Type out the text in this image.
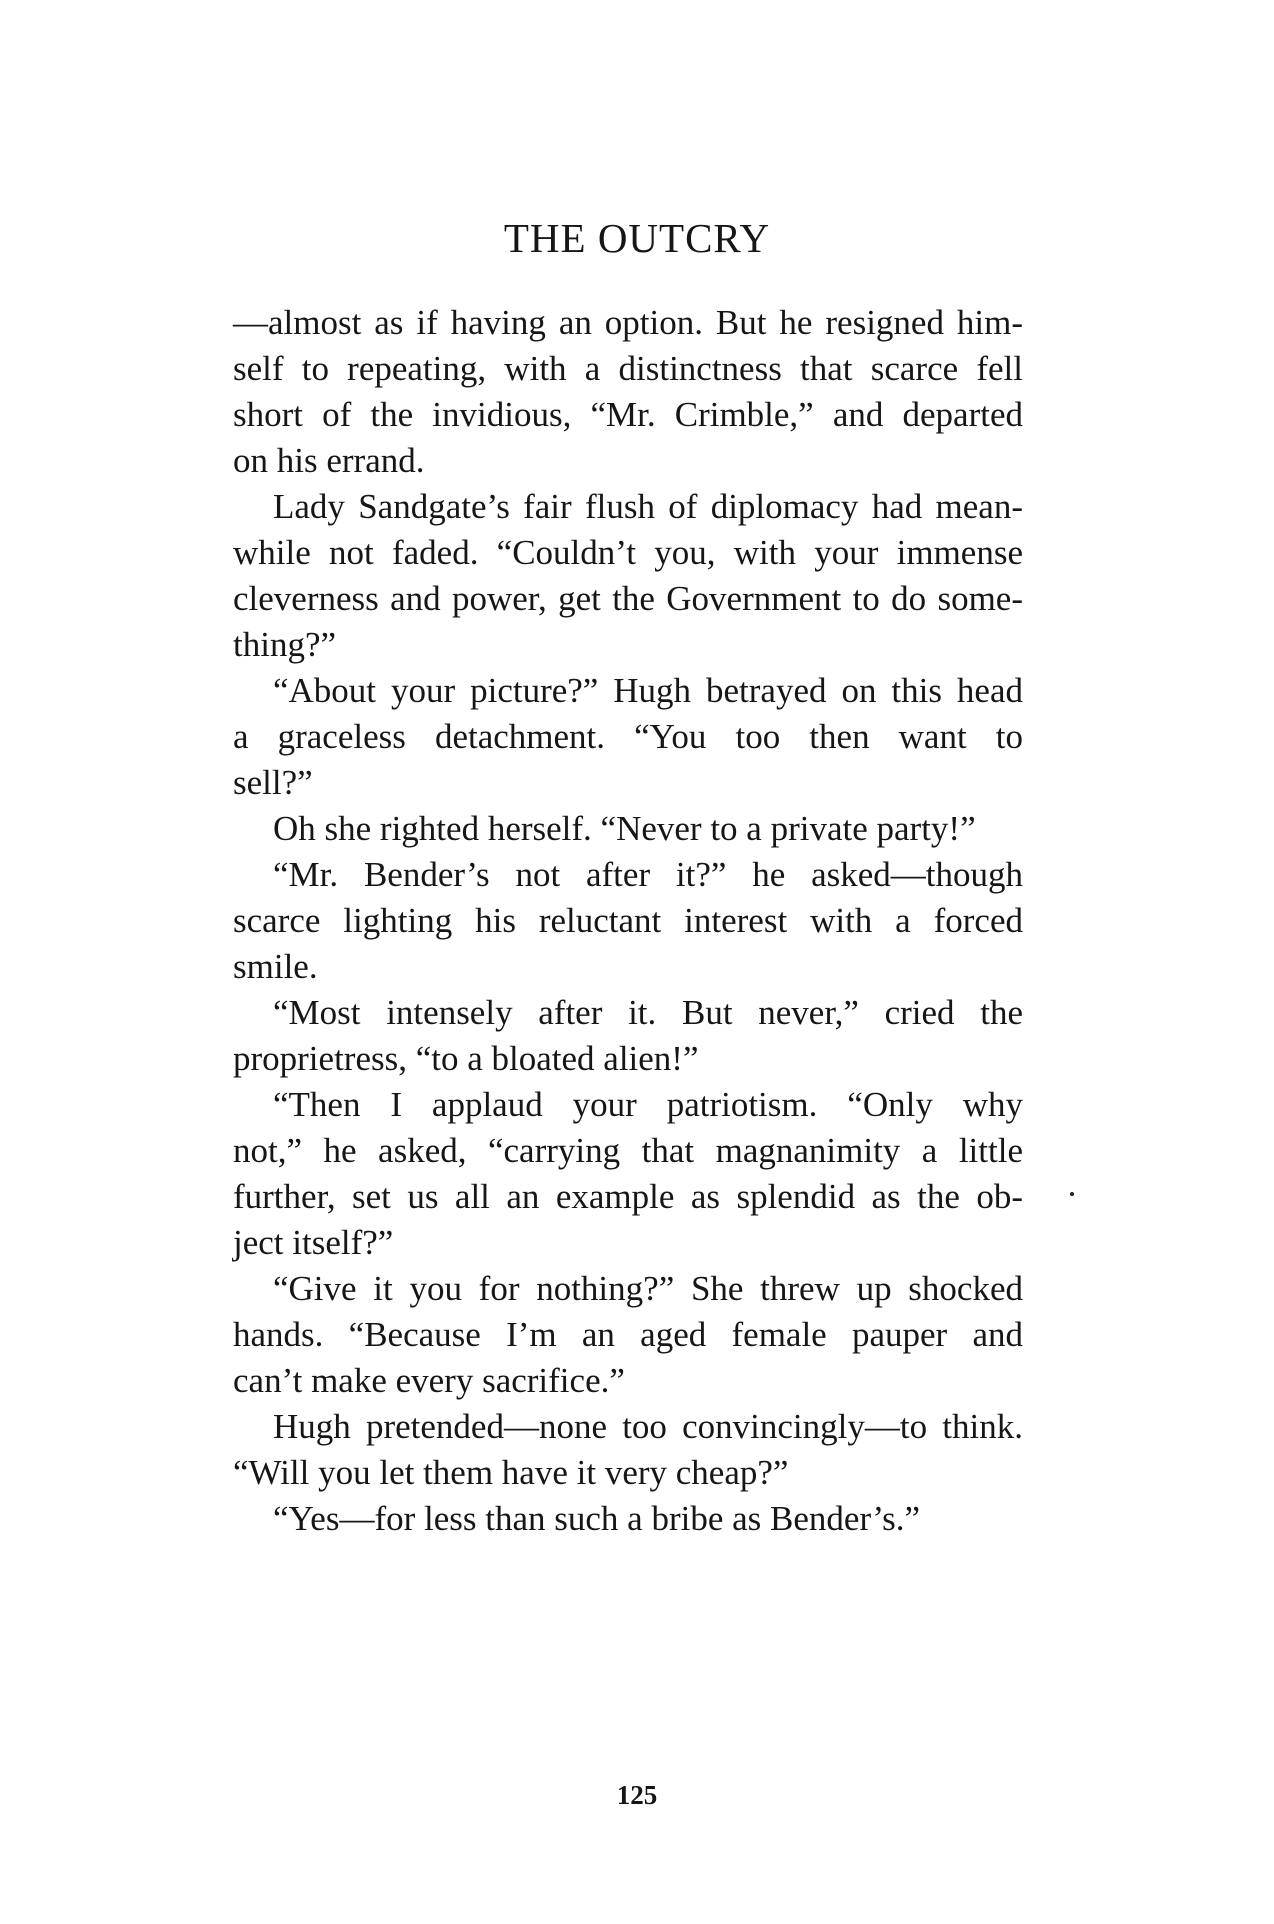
THE OUTCRY
—almost as if having an option. But he resigned him-
self to repeating, with a distinctness that scarce fell
short of the invidious, “Mr. Crimble,” and departed
on his errand.
Lady Sandgate’s fair flush of diplomacy had mean-
while not faded. “Couldn’t you, with your immense
cleverness and power, get the Government to do some-
thing?”
“About your picture?” Hugh betrayed on this head
a graceless detachment. “You too then want to
sell?”
Oh she righted herself. “Never to a private party!”
“Mr. Bender’s not after it?” he asked—though
scarce lighting his reluctant interest with a forced
smile.
“Most intensely after it. But never,” cried the
proprietress, “to a bloated alien!”
“Then I applaud your patriotism. “Only why
not,” he asked, “carrying that magnanimity a little
further, set us all an example as splendid as the ob-
ject itself?”
“Give it you for nothing?” She threw up shocked
hands. “Because I’m an aged female pauper and
can’t make every sacrifice.”
Hugh pretended—none too convincingly—to think.
“Will you let them have it very cheap?”
“Yes—for less than such a bribe as Bender’s.”
125
